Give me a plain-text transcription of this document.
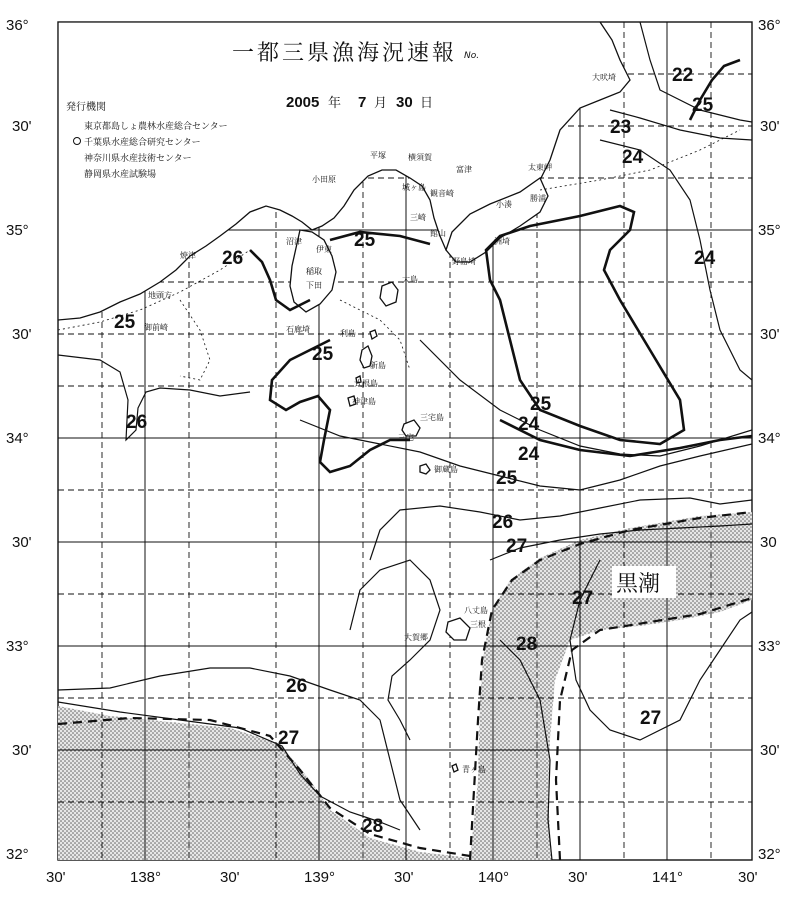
一都三県漁海況速報 No.
2005 年 7 月 30 日
発行機関
東京都島しょ農林水産総合センター
千葉県水産総合研究センター
神奈川県水産技術センター
静岡県水産試験場
黒潮
22
25
23
24
24
25
26
25
25
26
25
24
24
25
26
27
27
28
26
27
27
28
大吠埼
太東岬
勝浦
小湊
洲埼
野島埼
館山
富津
観音崎
横須賀
平塚
三崎
城ヶ島
小田原
沼津
伊東
稲取
下田
焼津
地頭方
御前崎	石廊埼	利島
新島
式根島
神津島
三宅島
御蔵島
八丈島
三根
大賀郷
青ヶ島
大島
三宅
36°
30'
35°
30'
34°
30'
33°
30'
32°
36°
30'
35°
30'
34°
30
33°
30'
32°
30'	138°	30'	139°	30'	140°	30'	141°	30'
